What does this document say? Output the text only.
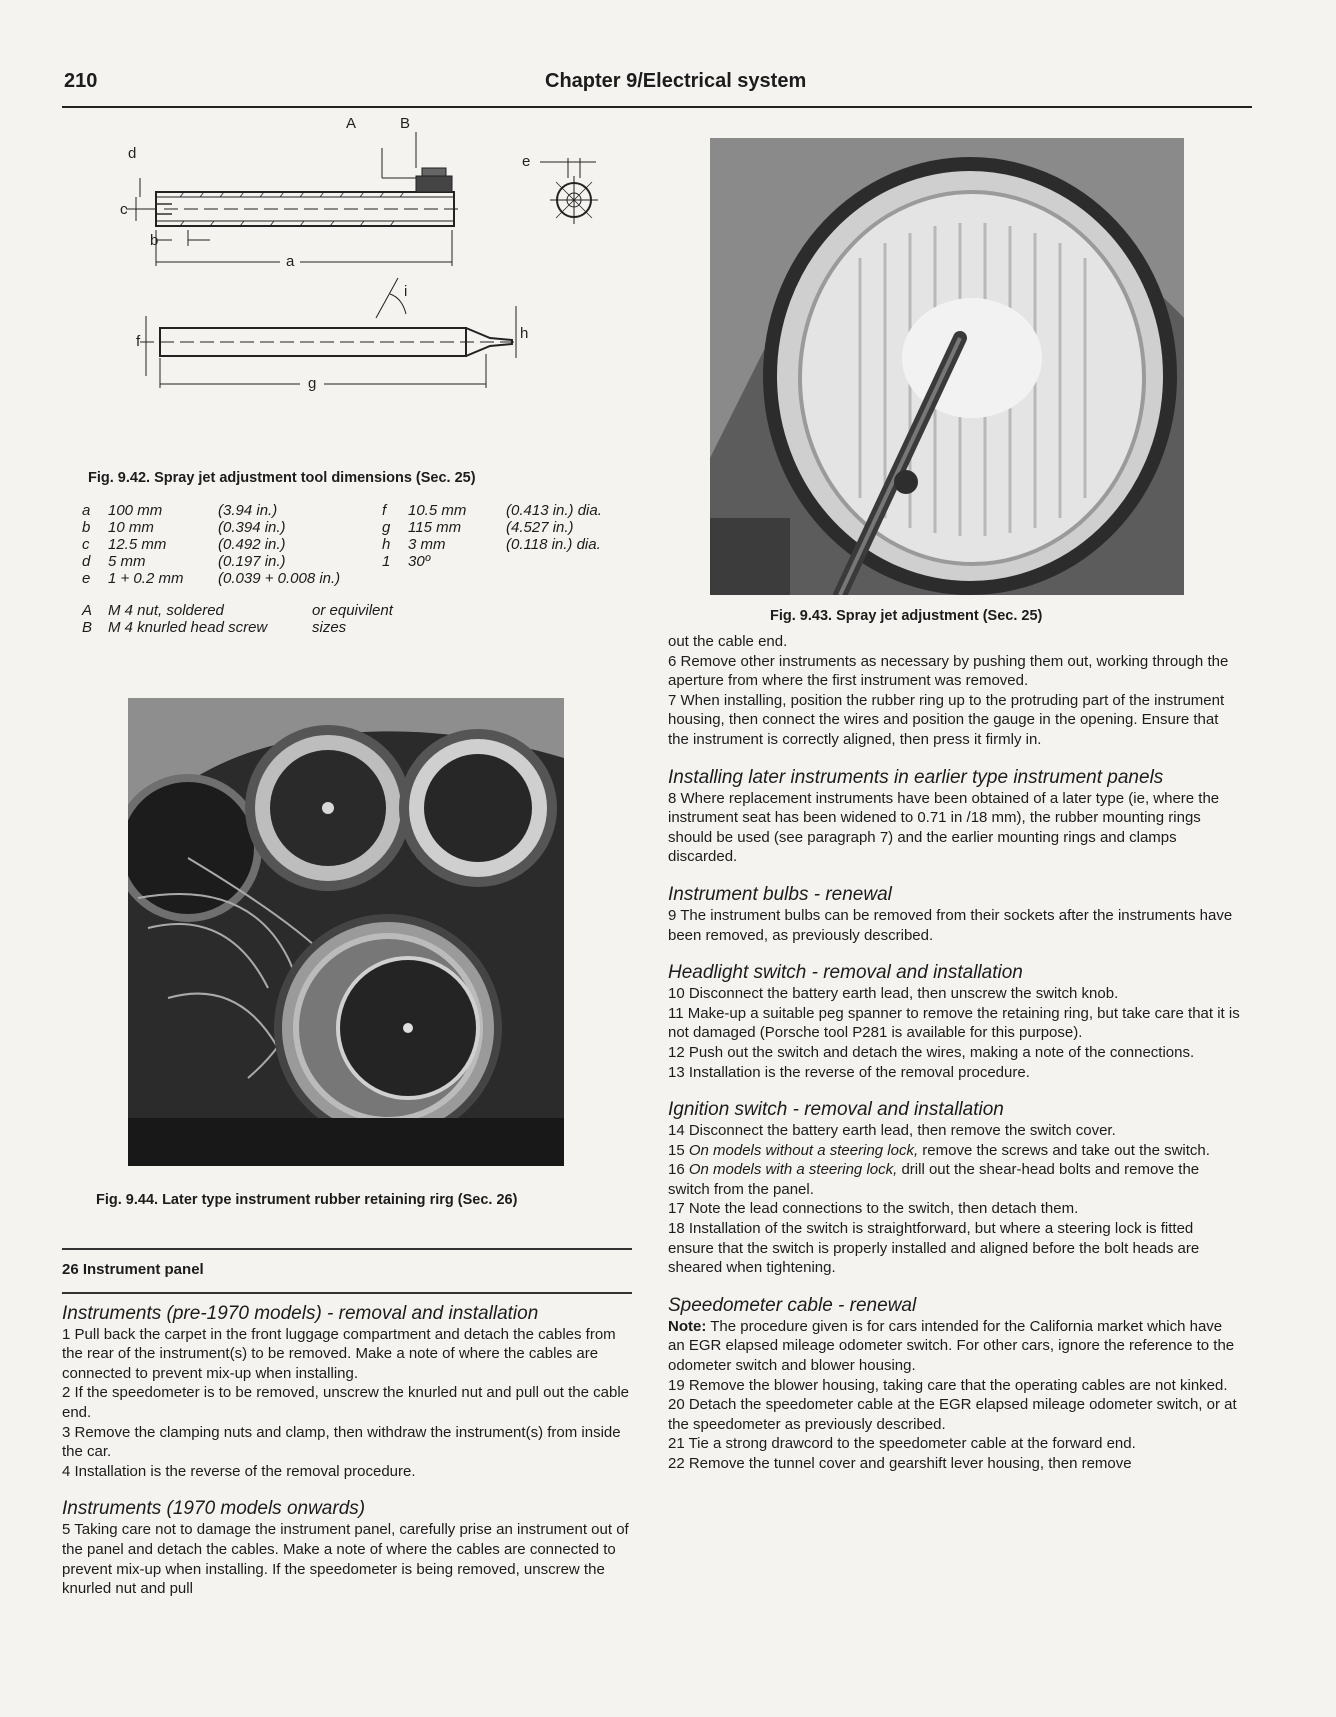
210	Chapter 9/Electrical system
A	B
d
c
b
a
e
f
g
h
i
Fig. 9.42. Spray jet adjustment tool dimensions (Sec. 25)
a 100 mm	(3.94 in.)
b 10 mm	(0.394 in.)
c 12.5 mm	(0.492 in.)
d 5 mm	(0.197 in.)
e 1 + 0.2 mm (0.039 + 0.008 in.)
f 10.5 mm	(0.413 in.) dia.
g 115 mm	(4.527 in.)
h 3 mm	(0.118 in.) dia.
1 30º
A M 4 nut, soldered	or equivilent
B M 4 knurled head screw	sizes
Fig. 9.43. Spray jet adjustment (Sec. 25)
Fig. 9.44. Later type instrument rubber retaining rirg (Sec. 26)
26 Instrument panel

Instruments (pre-1970 models) - removal and installation

1 Pull back the carpet in the front luggage compartment and detach the cables from the rear of the instrument(s) to be removed. Make a note of where the cables are connected to prevent mix-up when installing.

2 If the speedometer is to be removed, unscrew the knurled nut and pull out the cable end.

3 Remove the clamping nuts and clamp, then withdraw the instrument(s) from inside the car.

4 Installation is the reverse of the removal procedure.

Instruments (1970 models onwards)

5 Taking care not to damage the instrument panel, carefully prise an instrument out of the panel and detach the cables. Make a note of where the cables are connected to prevent mix-up when installing. If the speedometer is being removed, unscrew the knurled nut and pull

out the cable end.

6 Remove other instruments as necessary by pushing them out, working through the aperture from where the first instrument was removed.

7 When installing, position the rubber ring up to the protruding part of the instrument housing, then connect the wires and position the gauge in the opening. Ensure that the instrument is correctly aligned, then press it firmly in.

Installing later instruments in earlier type instrument panels

8 Where replacement instruments have been obtained of a later type (ie, where the instrument seat has been widened to 0.71 in /18 mm), the rubber mounting rings should be used (see paragraph 7) and the earlier mounting rings and clamps discarded.

Instrument bulbs - renewal

9 The instrument bulbs can be removed from their sockets after the instruments have been removed, as previously described.

Headlight switch - removal and installation

10 Disconnect the battery earth lead, then unscrew the switch knob.

11 Make-up a suitable peg spanner to remove the retaining ring, but take care that it is not damaged (Porsche tool P281 is available for this purpose).

12 Push out the switch and detach the wires, making a note of the connections.

13 Installation is the reverse of the removal procedure.

Ignition switch - removal and installation

14 Disconnect the battery earth lead, then remove the switch cover.

15 On models without a steering lock, remove the screws and take out the switch.

16 On models with a steering lock, drill out the shear-head bolts and remove the switch from the panel.

17 Note the lead connections to the switch, then detach them.

18 Installation of the switch is straightforward, but where a steering lock is fitted ensure that the switch is properly installed and aligned before the bolt heads are sheared when tightening.

Speedometer cable - renewal

Note: The procedure given is for cars intended for the California market which have an EGR elapsed mileage odometer switch. For other cars, ignore the reference to the odometer switch and blower housing.

19 Remove the blower housing, taking care that the operating cables are not kinked.

20 Detach the speedometer cable at the EGR elapsed mileage odometer switch, or at the speedometer as previously described.

21 Tie a strong drawcord to the speedometer cable at the forward end.

22 Remove the tunnel cover and gearshift lever housing, then remove
